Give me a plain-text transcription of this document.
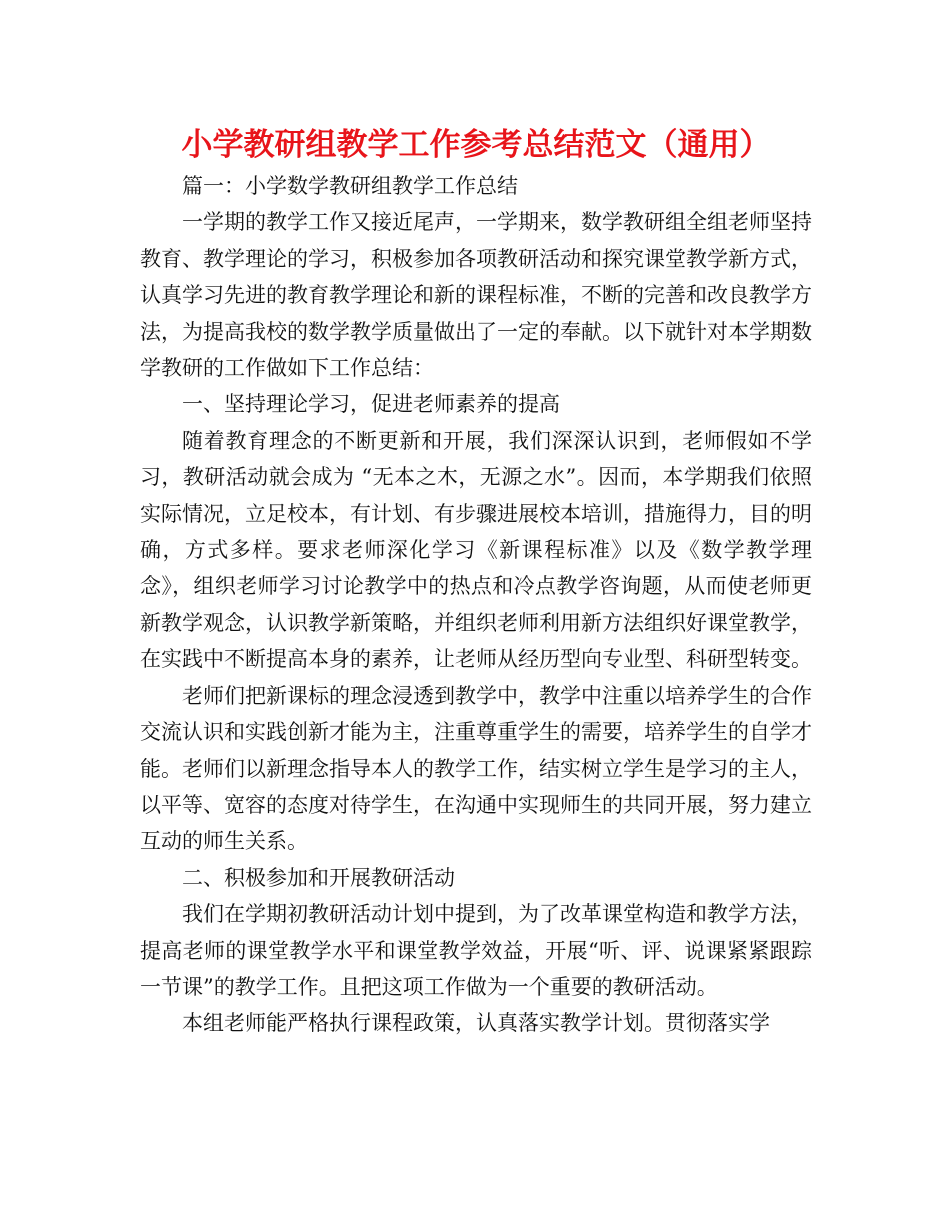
小学教研组教学工作参考总结范文（通用）

篇一：小学数学教研组教学工作总结

一学期的教学工作又接近尾声，一学期来，数学教研组全组老师坚持教育、教学理论的学习，积极参加各项教研活动和探究课堂教学新方式，认真学习先进的教育教学理论和新的课程标准，不断的完善和改良教学方法，为提高我校的数学教学质量做出了一定的奉献。以下就针对本学期数学教研的工作做如下工作总结：

一、坚持理论学习，促进老师素养的提高

随着教育理念的不断更新和开展，我们深深认识到，老师假如不学习，教研活动就会成为 “无本之木，无源之水”。因而，本学期我们依照实际情况，立足校本，有计划、有步骤进展校本培训，措施得力，目的明确，方式多样。要求老师深化学习《新课程标准》以及《数学教学理念》，组织老师学习讨论教学中的热点和冷点教学咨询题，从而使老师更新教学观念，认识教学新策略，并组织老师利用新方法组织好课堂教学，在实践中不断提高本身的素养，让老师从经历型向专业型、科研型转变。

老师们把新课标的理念浸透到教学中，教学中注重以培养学生的合作交流认识和实践创新才能为主，注重尊重学生的需要，培养学生的自学才能。老师们以新理念指导本人的教学工作，结实树立学生是学习的主人，以平等、宽容的态度对待学生，在沟通中实现师生的共同开展，努力建立互动的师生关系。

二、积极参加和开展教研活动

我们在学期初教研活动计划中提到，为了改革课堂构造和教学方法，提高老师的课堂教学水平和课堂教学效益，开展“听、评、说课紧紧跟踪一节课”的教学工作。且把这项工作做为一个重要的教研活动。

本组老师能严格执行课程政策，认真落实教学计划。贯彻落实学
